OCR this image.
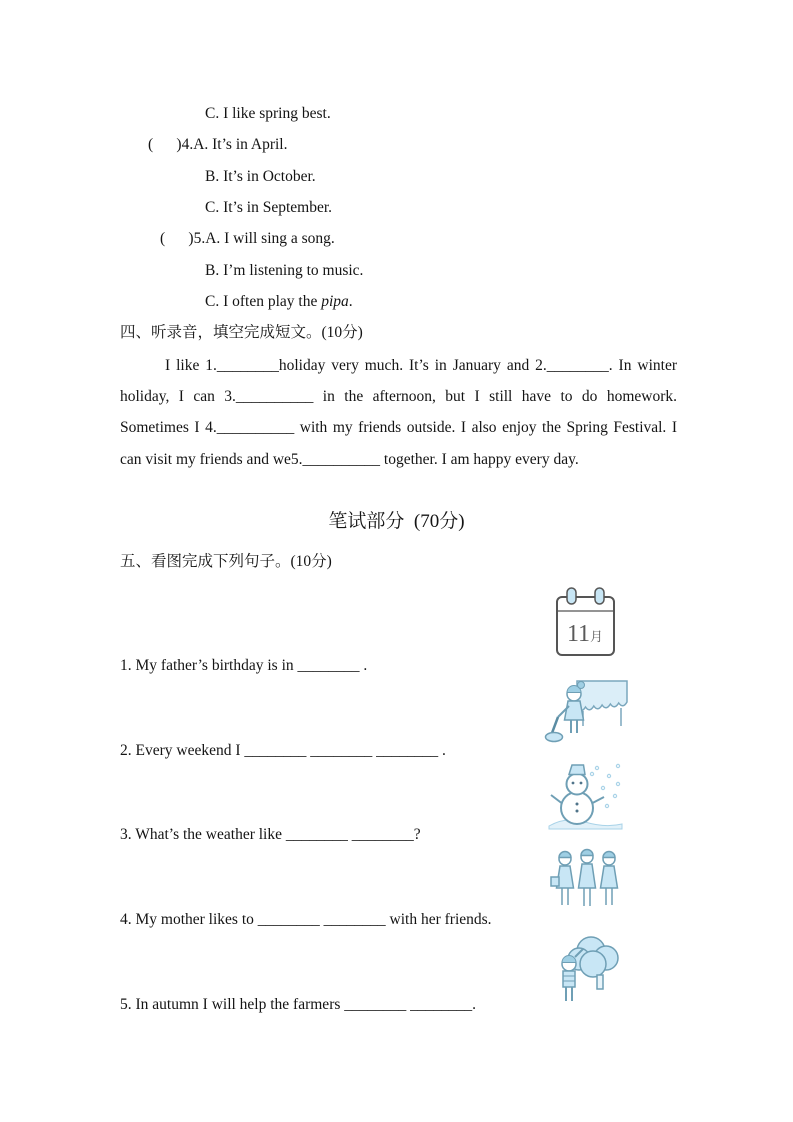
C. I like spring best.
(      )4.A. It’s in April.
B. It’s in October.
C. It’s in September.
(      )5.A. I will sing a song.
B. I’m listening to music.
C. I often play the pipa.
四、听录音，填空完成短文。(10分)
I like 1.________holiday very much. It’s in January and 2.________. In winter holiday, I can 3.__________ in the afternoon, but I still have to do homework. Sometimes I 4.__________ with my friends outside. I also enjoy the Spring Festival. I can visit my friends and we5.__________ together. I am happy every day.
笔试部分  (70分)
五、看图完成下列句子。(10分)
11月
1. My father’s birthday is in ________ .
2. Every weekend I ________ ________ ________ .
3. What’s the weather like ________ ________?
4. My mother likes to ________ ________ with her friends.
5. In autumn I will help the farmers ________ ________.
